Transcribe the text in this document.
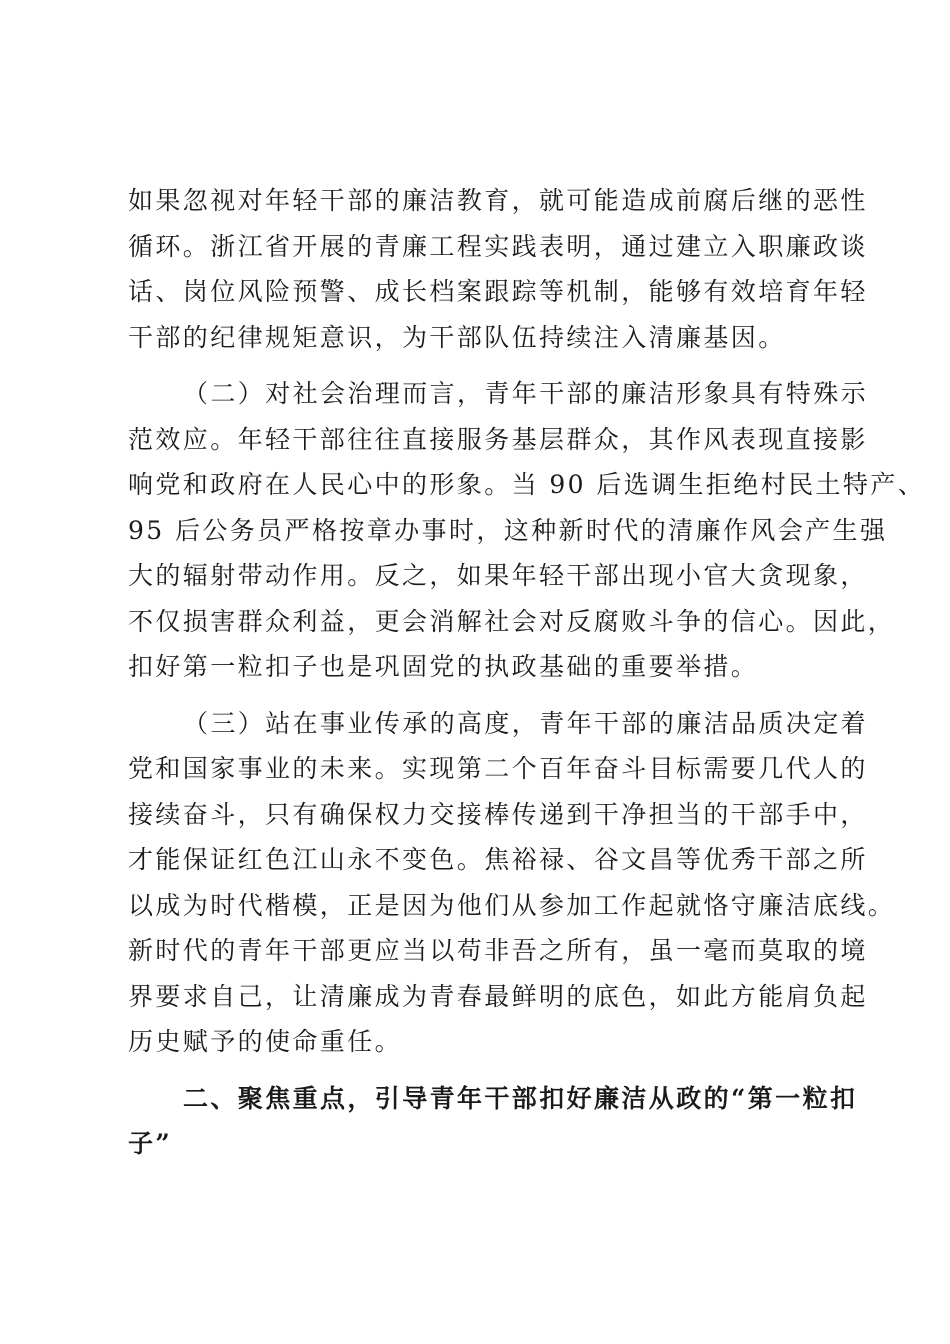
如果忽视对年轻干部的廉洁教育，就可能造成前腐后继的恶性
循环。浙江省开展的青廉工程实践表明，通过建立入职廉政谈
话、岗位风险预警、成长档案跟踪等机制，能够有效培育年轻
干部的纪律规矩意识，为干部队伍持续注入清廉基因。
（二）对社会治理而言，青年干部的廉洁形象具有特殊示
范效应。年轻干部往往直接服务基层群众，其作风表现直接影
响党和政府在人民心中的形象。当 90 后选调生拒绝村民土特产、
95 后公务员严格按章办事时，这种新时代的清廉作风会产生强
大的辐射带动作用。反之，如果年轻干部出现小官大贪现象，
不仅损害群众利益，更会消解社会对反腐败斗争的信心。因此，
扣好第一粒扣子也是巩固党的执政基础的重要举措。
（三）站在事业传承的高度，青年干部的廉洁品质决定着
党和国家事业的未来。实现第二个百年奋斗目标需要几代人的
接续奋斗，只有确保权力交接棒传递到干净担当的干部手中，
才能保证红色江山永不变色。焦裕禄、谷文昌等优秀干部之所
以成为时代楷模，正是因为他们从参加工作起就恪守廉洁底线。
新时代的青年干部更应当以苟非吾之所有，虽一毫而莫取的境
界要求自己，让清廉成为青春最鲜明的底色，如此方能肩负起
历史赋予的使命重任。
二、聚焦重点，引导青年干部扣好廉洁从政的“第一粒扣
子”
